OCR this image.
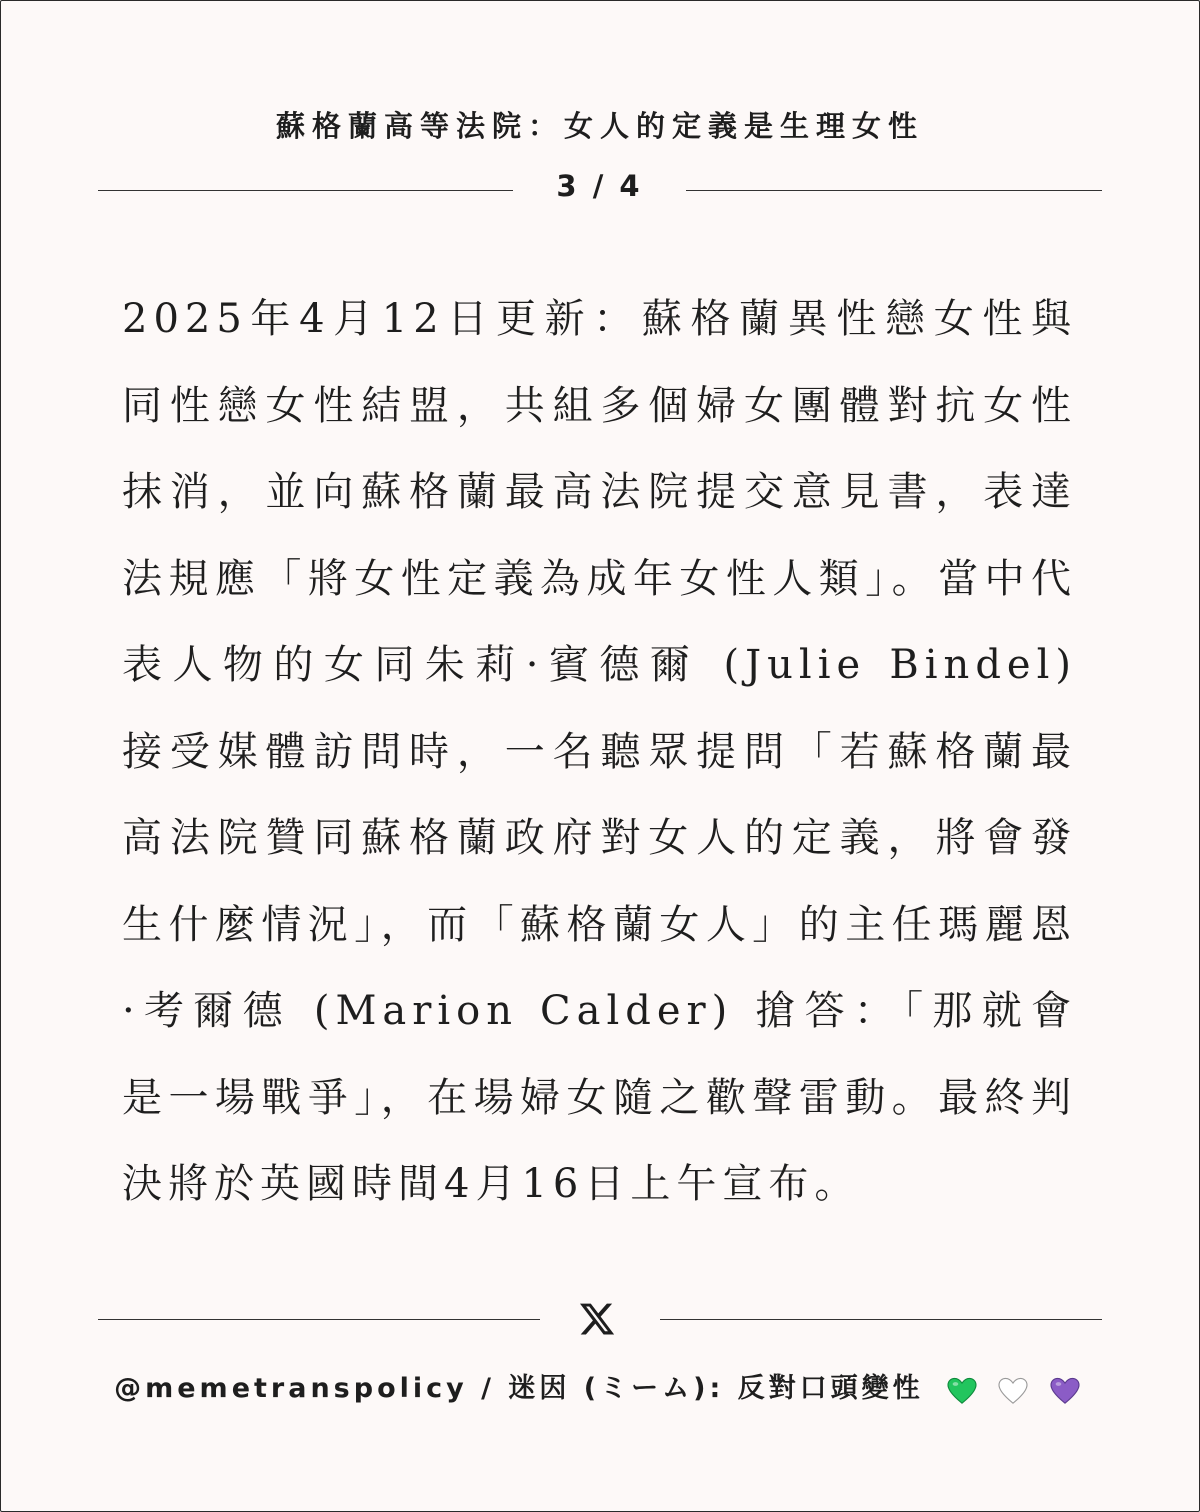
蘇格蘭高等法院：女人的定義是生理女性
3 / 4
2025年4月12日更新：蘇格蘭異性戀女性與同性戀女性結盟，共組多個婦女團體對抗女性抹消，並向蘇格蘭最高法院提交意見書，表達法規應「將女性定義為成年女性人類」。當中代表人物的女同朱莉·賓德爾 (Julie Bindel) 接受媒體訪問時，一名聽眾提問「若蘇格蘭最高法院贊同蘇格蘭政府對女人的定義，將會發生什麼情況」，而「蘇格蘭女人」的主任瑪麗恩·考爾德 (Marion Calder) 搶答：「那就會是一場戰爭」，在場婦女隨之歡聲雷動。最終判決將於英國時間4月16日上午宣布。
@memetranspolicy / 迷因 (ミーム): 反對口頭變性
